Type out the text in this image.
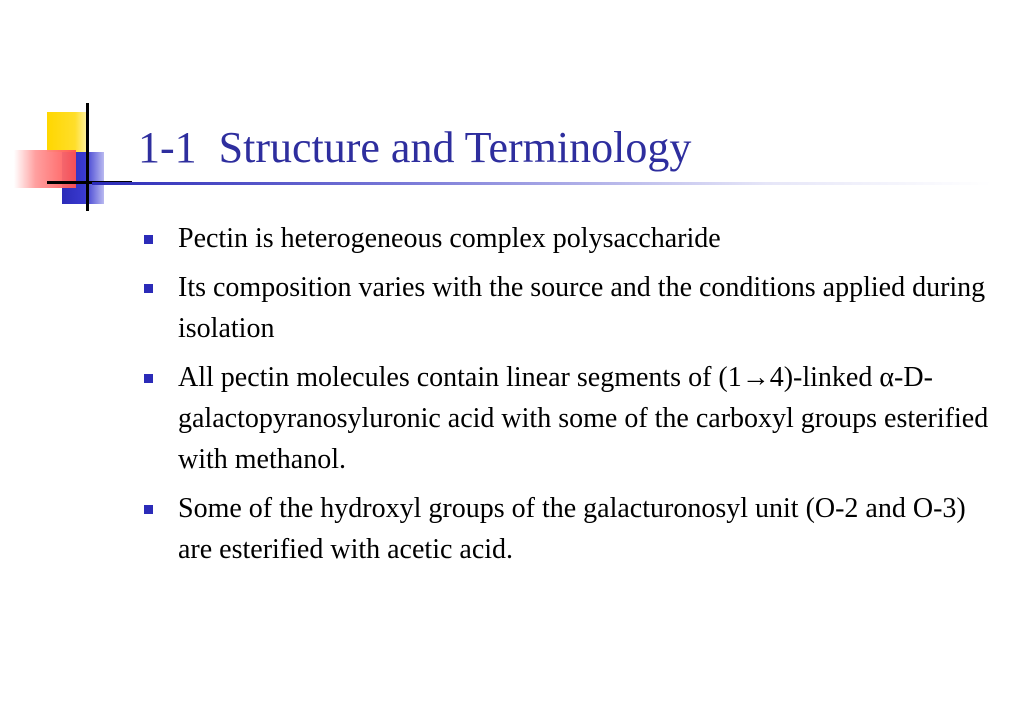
1-1  Structure and Terminology
Pectin is heterogeneous complex polysaccharide
Its composition varies with the source and the conditions applied during isolation
All pectin molecules contain linear segments of (1→4)-linked α-D-galactopyranosyluronic acid with some of the carboxyl groups esterified with methanol.
Some of the hydroxyl groups of the galacturonosyl unit (O-2 and O-3) are esterified with acetic acid.
